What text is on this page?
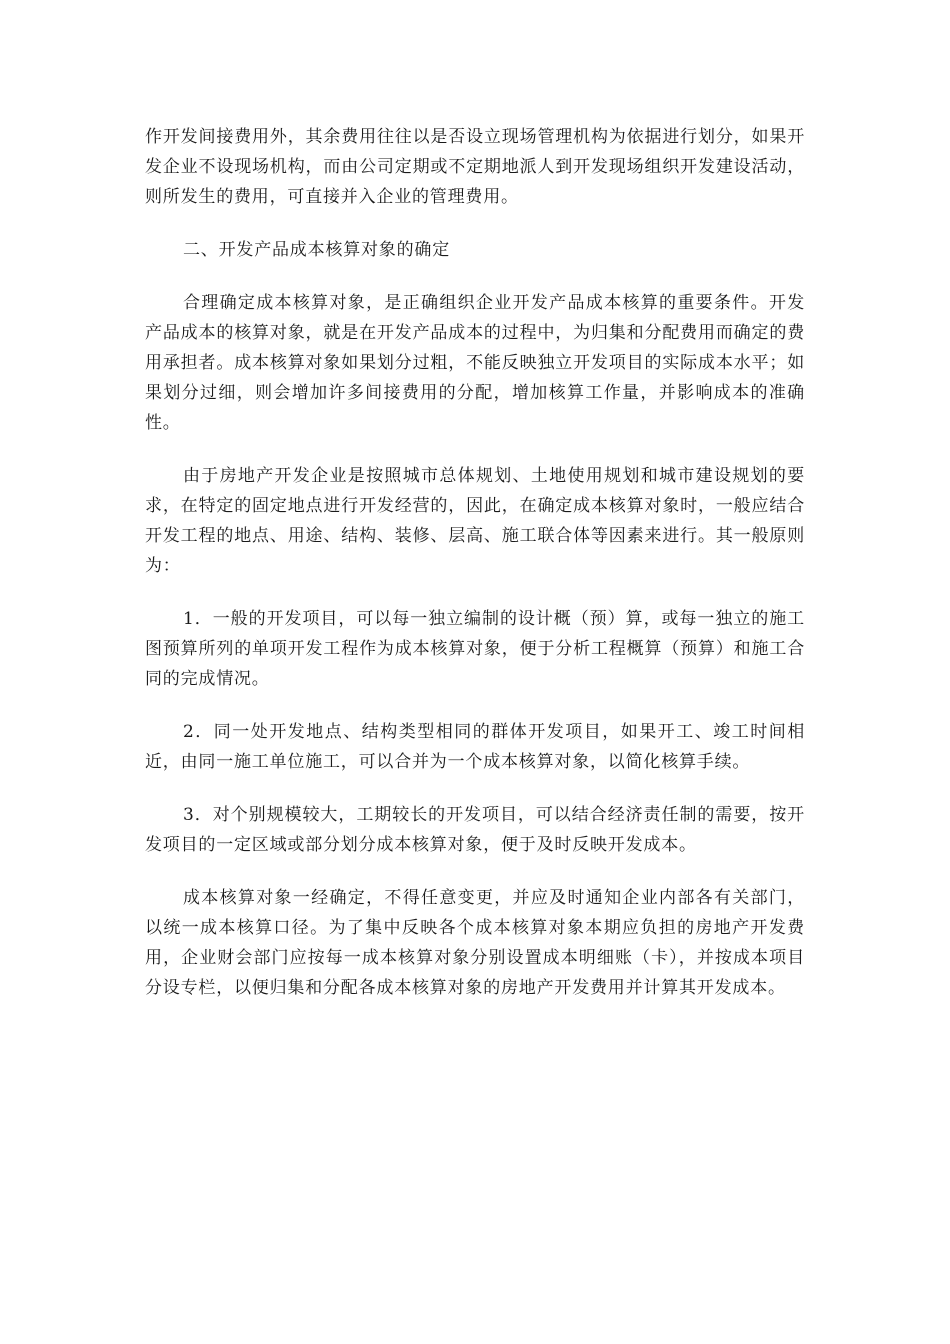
作开发间接费用外，其余费用往往以是否设立现场管理机构为依据进行划分，如果开发企业不设现场机构，而由公司定期或不定期地派人到开发现场组织开发建设活动，则所发生的费用，可直接并入企业的管理费用。

二、开发产品成本核算对象的确定

合理确定成本核算对象，是正确组织企业开发产品成本核算的重要条件。开发产品成本的核算对象，就是在开发产品成本的过程中，为归集和分配费用而确定的费用承担者。成本核算对象如果划分过粗，不能反映独立开发项目的实际成本水平；如果划分过细，则会增加许多间接费用的分配，增加核算工作量，并影响成本的准确性。

由于房地产开发企业是按照城市总体规划、土地使用规划和城市建设规划的要求，在特定的固定地点进行开发经营的，因此，在确定成本核算对象时，一般应结合开发工程的地点、用途、结构、装修、层高、施工联合体等因素来进行。其一般原则为：

1．一般的开发项目，可以每一独立编制的设计概（预）算，或每一独立的施工图预算所列的单项开发工程作为成本核算对象，便于分析工程概算（预算）和施工合同的完成情况。

2．同一处开发地点、结构类型相同的群体开发项目，如果开工、竣工时间相近，由同一施工单位施工，可以合并为一个成本核算对象，以简化核算手续。

3．对个别规模较大，工期较长的开发项目，可以结合经济责任制的需要，按开发项目的一定区域或部分划分成本核算对象，便于及时反映开发成本。

成本核算对象一经确定，不得任意变更，并应及时通知企业内部各有关部门，以统一成本核算口径。为了集中反映各个成本核算对象本期应负担的房地产开发费用，企业财会部门应按每一成本核算对象分别设置成本明细账（卡），并按成本项目分设专栏，以便归集和分配各成本核算对象的房地产开发费用并计算其开发成本。
